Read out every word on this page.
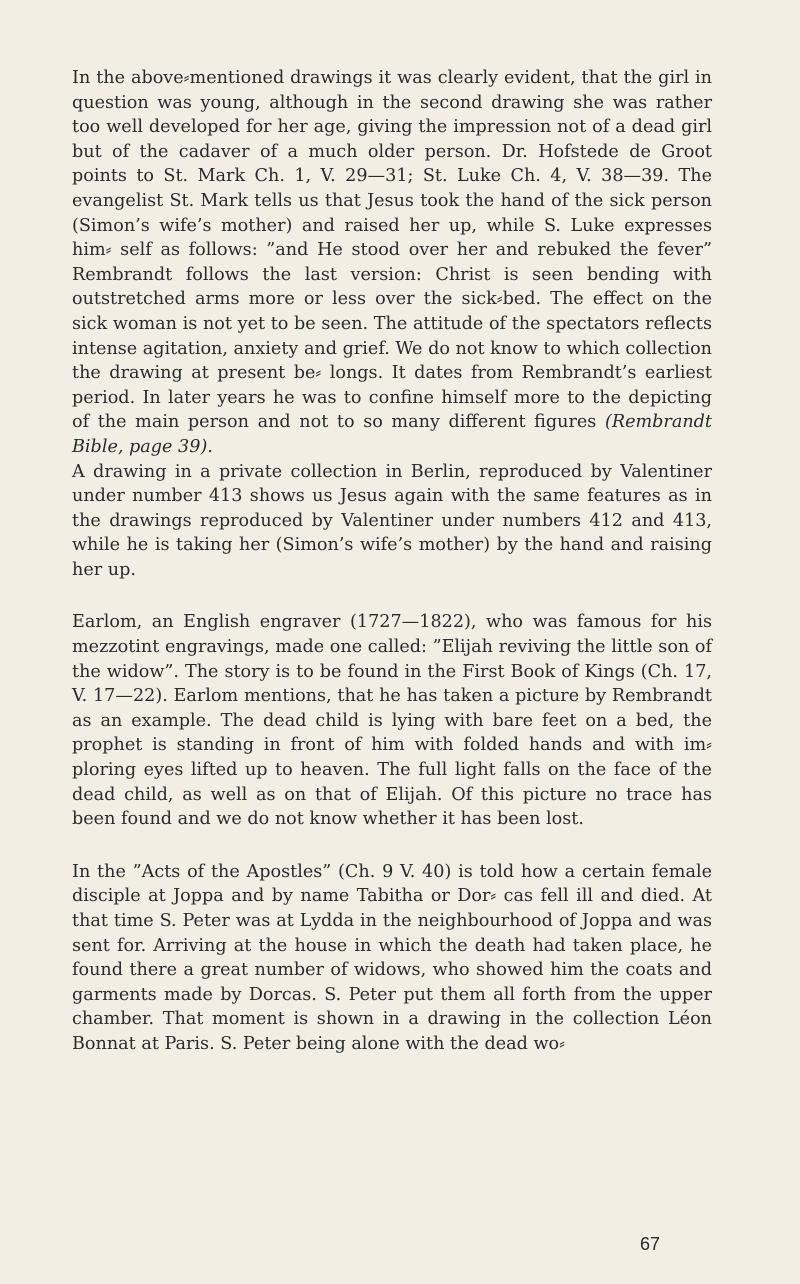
In the above⸗mentioned drawings it was clearly evident, that the girl in question was young, although in the second drawing she was rather too well developed for her age, giving the impression not of a dead girl but of the cadaver of a much older person. Dr. Hofstede de Groot points to St. Mark Ch. 1, V. 29—31; St. Luke Ch. 4, V. 38—39. The evangelist St. Mark tells us that Jesus took the hand of the sick person (Simon’s wife’s mother) and raised her up, while S. Luke expresses him⸗ self as follows: ”and He stood over her and rebuked the fever” Rembrandt follows the last version: Christ is seen bending with outstretched arms more or less over the sick⸗bed. The effect on the sick woman is not yet to be seen. The attitude of the spectators reflects intense agitation, anxiety and grief. We do not know to which collection the drawing at present be⸗ longs. It dates from Rembrandt’s earliest period. In later years he was to confine himself more to the depicting of the main person and not to so many different figures (Rembrandt Bible, page 39).

A drawing in a private collection in Berlin, reproduced by Valentiner under number 413 shows us Jesus again with the same features as in the drawings reproduced by Valentiner under numbers 412 and 413, while he is taking her (Simon’s wife’s mother) by the hand and raising her up.

Earlom, an English engraver (1727—1822), who was famous for his mezzotint engravings, made one called: ”Elijah reviving the little son of the widow”. The story is to be found in the First Book of Kings (Ch. 17, V. 17—22). Earlom mentions, that he has taken a picture by Rembrandt as an example. The dead child is lying with bare feet on a bed, the prophet is standing in front of him with folded hands and with im⸗ ploring eyes lifted up to heaven. The full light falls on the face of the dead child, as well as on that of Elijah. Of this picture no trace has been found and we do not know whether it has been lost.

In the ”Acts of the Apostles” (Ch. 9 V. 40) is told how a certain female disciple at Joppa and by name Tabitha or Dor⸗ cas fell ill and died. At that time S. Peter was at Lydda in the neighbourhood of Joppa and was sent for. Arriving at the house in which the death had taken place, he found there a great number of widows, who showed him the coats and garments made by Dorcas. S. Peter put them all forth from the upper chamber. That moment is shown in a drawing in the collection Léon Bonnat at Paris. S. Peter being alone with the dead wo⸗

67
